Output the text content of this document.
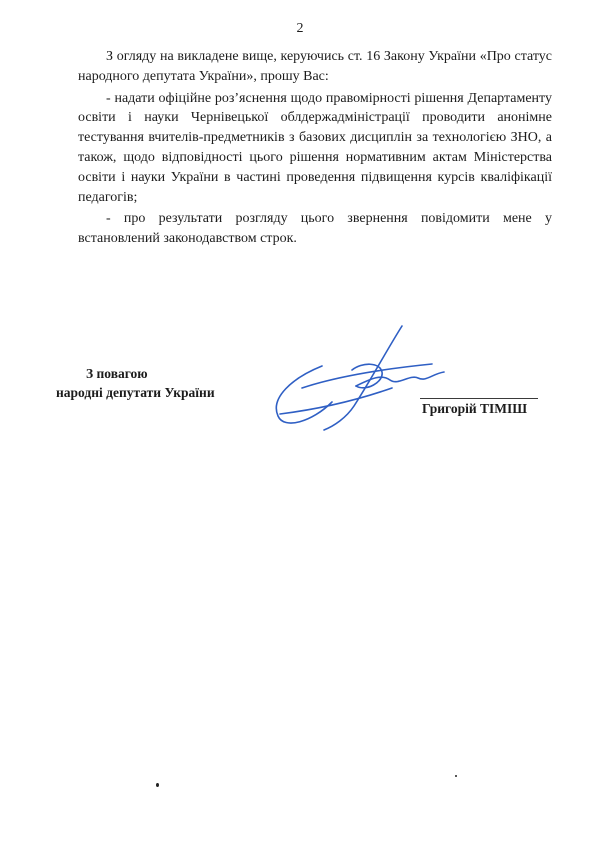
2

З огляду на викладене вище, керуючись ст. 16 Закону України «Про статус народного депутата України», прошу Вас:

- надати офіційне роз’яснення щодо правомірності рішення Департаменту освіти і науки Чернівецької облдержадміністрації проводити анонімне тестування вчителів-предметників з базових дисциплін за технологією ЗНО, а також, щодо відповідності цього рішення нормативним актам Міністерства освіти і науки України в частині проведення підвищення курсів кваліфікації педагогів;

- про результати розгляду цього звернення повідомити мене у встановлений законодавством строк.

З повагою
народні депутати України
Григорій ТІМІШ
